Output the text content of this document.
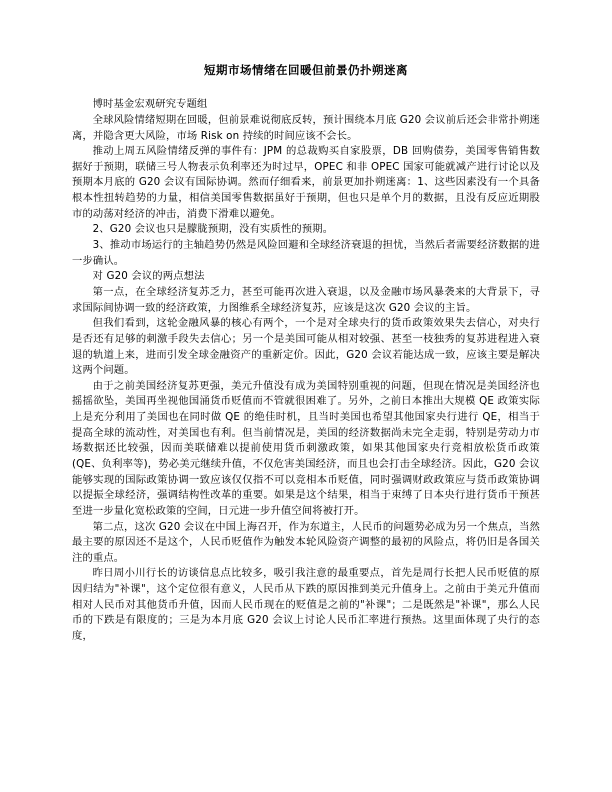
短期市场情绪在回暖但前景仍扑朔迷离

博时基金宏观研究专题组

全球风险情绪短期在回暖，但前景难说彻底反转，预计围绕本月底 G20 会议前后还会非常扑朔迷离，并隐含更大风险，市场 Risk on 持续的时间应该不会长。

推动上周五风险情绪反弹的事件有：JPM 的总裁购买自家股票，DB 回购债券，美国零售销售数据好于预期，联储三号人物表示负利率还为时过早，OPEC 和非 OPEC 国家可能就减产进行讨论以及预期本月底的 G20 会议有国际协调。然而仔细看来，前景更加扑朔迷离：1、这些因素没有一个具备根本性扭转趋势的力量，相信美国零售数据虽好于预期，但也只是单个月的数据，且没有反应近期股市的动荡对经济的冲击，消费下滑难以避免。

2、G20 会议也只是朦胧预期，没有实质性的预期。

3、推动市场运行的主轴趋势仍然是风险回避和全球经济衰退的担忧，当然后者需要经济数据的进一步确认。

对 G20 会议的两点想法

第一点，在全球经济复苏乏力，甚至可能再次进入衰退，以及金融市场风暴袭来的大背景下，寻求国际间协调一致的经济政策，力图维系全球经济复苏，应该是这次 G20 会议的主旨。

但我们看到，这轮金融风暴的核心有两个，一个是对全球央行的货币政策效果失去信心，对央行是否还有足够的刺激手段失去信心；另一个是美国可能从相对较强、甚至一枝独秀的复苏进程进入衰退的轨道上来，进而引发全球金融资产的重新定价。因此，G20 会议若能达成一致，应该主要是解决这两个问题。

由于之前美国经济复苏更强，美元升值没有成为美国特别重视的问题，但现在情况是美国经济也摇摇欲坠，美国再坐视他国涌货币贬值而不管就很困难了。另外，之前日本推出大规模 QE 政策实际上是充分利用了美国也在同时做 QE 的绝佳时机，且当时美国也希望其他国家央行进行 QE，相当于提高全球的流动性，对美国也有利。但当前情况是，美国的经济数据尚未完全走弱，特别是劳动力市场数据还比较强，因而美联储难以提前使用货币刺激政策，如果其他国家央行竞相放松货币政策(QE、负利率等)，势必美元继续升值，不仅危害美国经济，而且也会打击全球经济。因此，G20 会议能够实现的国际政策协调一致应该仅仅指不可以竞相本币贬值，同时强调财政政策应与货币政策协调以提振全球经济，强调结构性改革的重要。如果是这个结果，相当于束缚了日本央行进行货币干预甚至进一步量化宽松政策的空间，日元进一步升值空间将被打开。

第二点，这次 G20 会议在中国上海召开，作为东道主，人民币的问题势必成为另一个焦点，当然最主要的原因还不是这个，人民币贬值作为触发本轮风险资产调整的最初的风险点，将仍旧是各国关注的重点。

昨日周小川行长的访谈信息点比较多，吸引我注意的最重要点，首先是周行长把人民币贬值的原因归结为"补课"，这个定位很有意义，人民币从下跌的原因推到美元升值身上。之前由于美元升值而相对人民币对其他货币升值，因而人民币现在的贬值是之前的"补课"；二是既然是"补课"，那么人民币的下跌是有限度的；三是为本月底 G20 会议上讨论人民币汇率进行预热。这里面体现了央行的态度，
